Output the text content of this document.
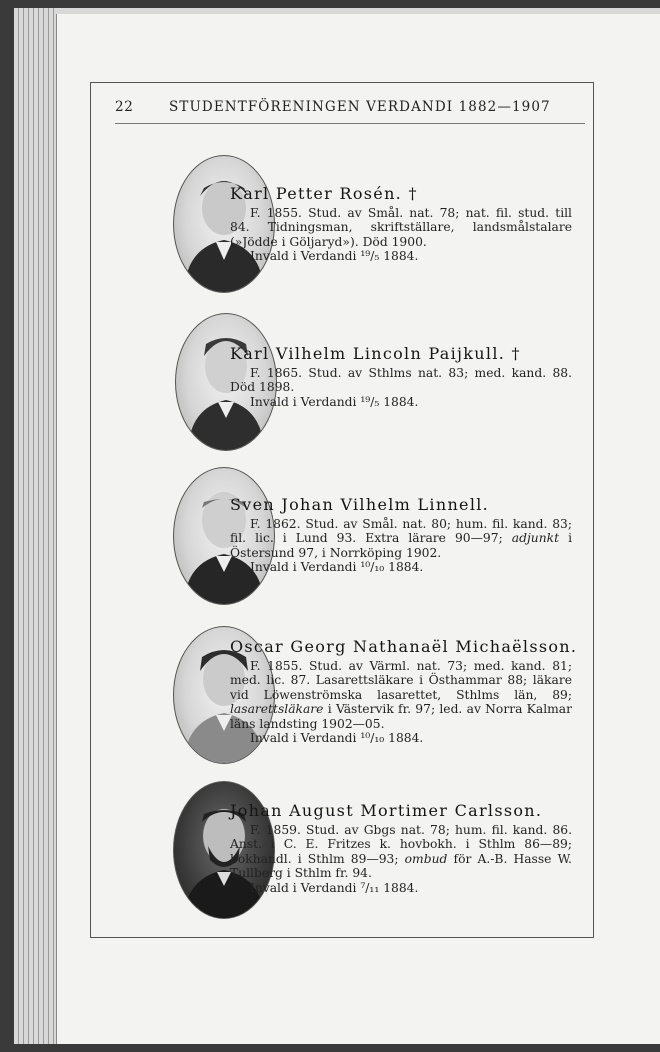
22	STUDENTFÖRENINGEN VERDANDI 1882—1907
Karl Petter Rosén. †

F. 1855. Stud. av Smål. nat. 78; nat. fil. stud. till 84. Tidningsman, skriftställare, landsmålstalare (»Jödde i Göljaryd»). Död 1900.

Invald i Verdandi ¹⁹/₅ 1884.

Karl Vilhelm Lincoln Paijkull. †

F. 1865. Stud. av Sthlms nat. 83; med. kand. 88. Död 1898.

Invald i Verdandi ¹⁹/₅ 1884.

Sven Johan Vilhelm Linnell.

F. 1862. Stud. av Smål. nat. 80; hum. fil. kand. 83; fil. lic. i Lund 93. Extra lärare 90—97; adjunkt i Östersund 97, i Norrköping 1902.

Invald i Verdandi ¹⁰/₁₀ 1884.

Oscar Georg Nathanaël Michaëlsson.

F. 1855. Stud. av Värml. nat. 73; med. kand. 81; med. lic. 87. Lasarettsläkare i Östhammar 88; läkare vid Löwenströmska lasarettet, Sthlms län, 89; lasarettsläkare i Västervik fr. 97; led. av Norra Kalmar läns landsting 1902—05.

Invald i Verdandi ¹⁰/₁₀ 1884.

Johan August Mortimer Carlsson.

F. 1859. Stud. av Gbgs nat. 78; hum. fil. kand. 86. Anst. i C. E. Fritzes k. hovbokh. i Sthlm 86—89; bokhandl. i Sthlm 89—93; ombud för A.-B. Hasse W. Tullberg i Sthlm fr. 94.

Invald i Verdandi ⁷/₁₁ 1884.
